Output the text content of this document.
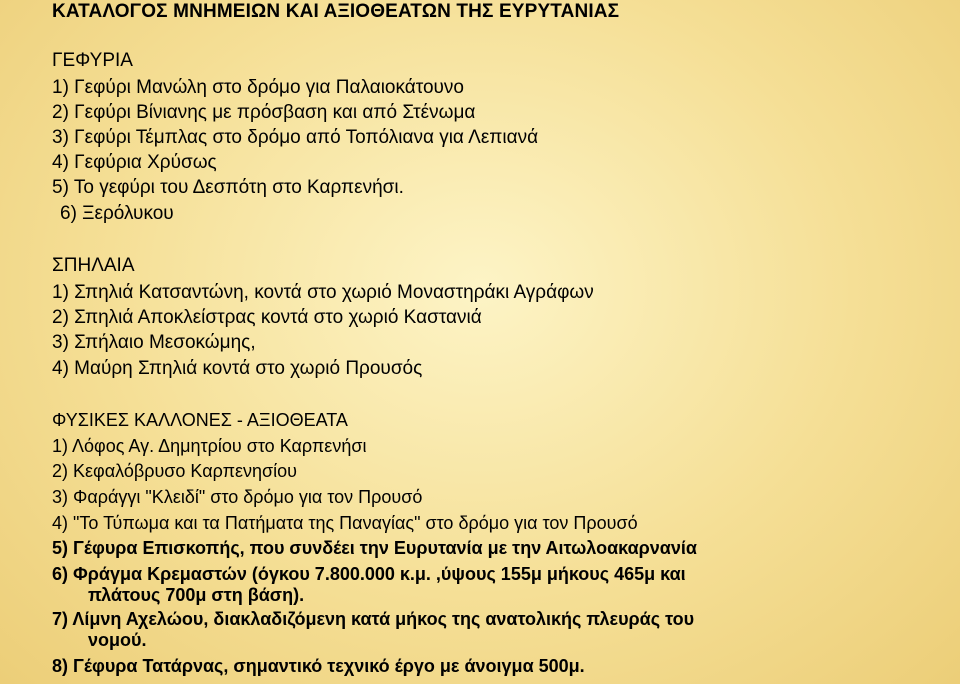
ΚΑΤΑΛΟΓΟΣ ΜΝΗΜΕΙΩΝ ΚΑΙ ΑΞΙΟΘΕΑΤΩΝ ΤΗΣ ΕΥΡΥΤΑΝΙΑΣ
ΓΕΦΥΡΙΑ
1) Γεφύρι Μανώλη στο δρόμο για Παλαιοκάτουνο
2) Γεφύρι Βίνιανης με πρόσβαση και από Στένωμα
3) Γεφύρι Τέμπλας στο δρόμο από Τοπόλιανα για Λεπιανά
4) Γεφύρια Χρύσως
5) Το γεφύρι του Δεσπότη στο Καρπενήσι.
6) Ξερόλυκου
ΣΠΗΛΑΙΑ
1) Σπηλιά Κατσαντώνη, κοντά στο χωριό Μοναστηράκι Αγράφων
2) Σπηλιά Αποκλείστρας κοντά στο χωριό Καστανιά
3) Σπήλαιο Μεσοκώμης,
4) Μαύρη Σπηλιά κοντά στο χωριό Προυσός
ΦΥΣΙΚΕΣ ΚΑΛΛΟΝΕΣ - ΑΞΙΟΘΕΑΤΑ
1) Λόφος Αγ. Δημητρίου στο Καρπενήσι
2) Κεφαλόβρυσο Καρπενησίου
3) Φαράγγι "Κλειδί" στο δρόμο για τον Προυσό
4) "Το Τύπωμα και τα Πατήματα της Παναγίας" στο δρόμο για τον Προυσό
5) Γέφυρα Επισκοπής, που συνδέει την Ευρυτανία με την Αιτωλοακαρνανία
6) Φράγμα Κρεμαστών (όγκου 7.800.000 κ.μ. ,ύψους 155μ μήκους 465μ και
πλάτους 700μ στη βάση).
7) Λίμνη Αχελώου, διακλαδιζόμενη κατά μήκος της ανατολικής πλευράς του
νομού.
8) Γέφυρα Τατάρνας, σημαντικό τεχνικό έργο με άνοιγμα 500μ.
